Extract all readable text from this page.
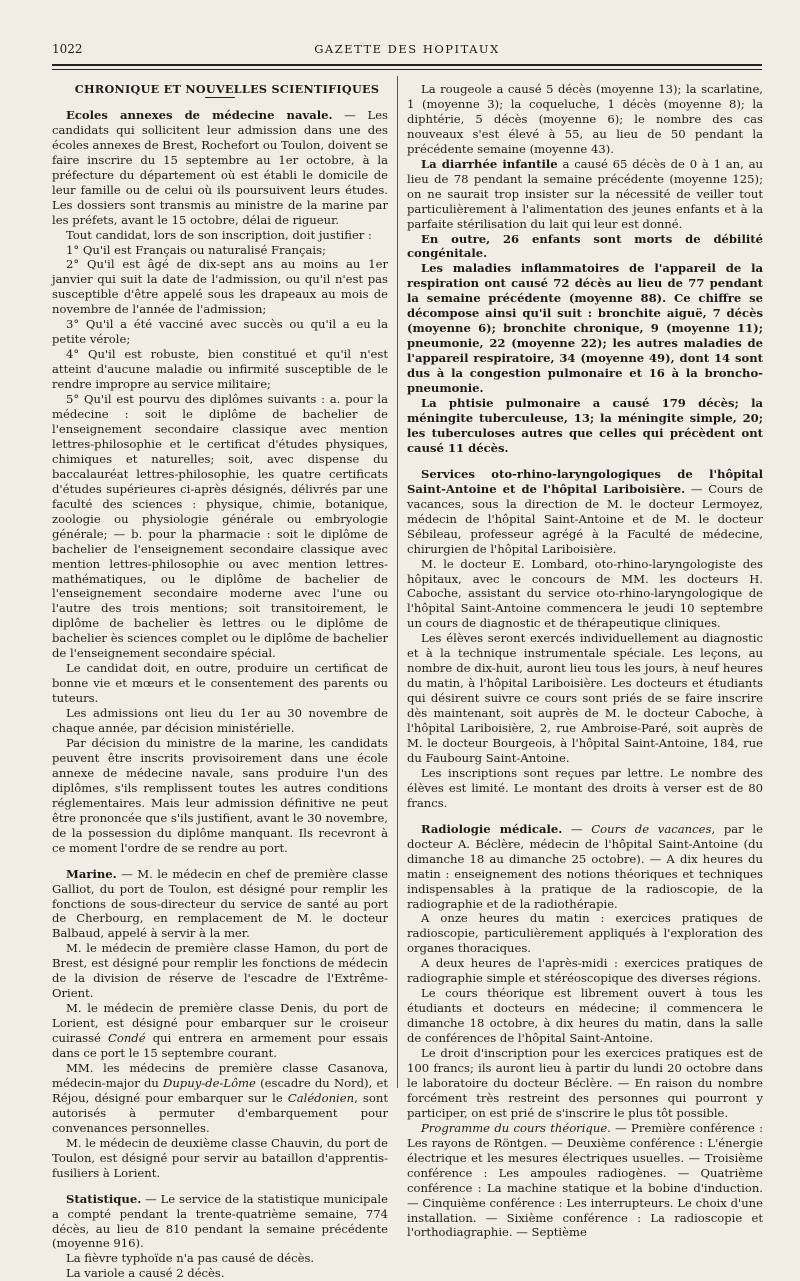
1022	GAZETTE DES HOPITAUX

CHRONIQUE ET NOUVELLES SCIENTIFIQUES

Ecoles annexes de médecine navale. — Les candidats qui sollicitent leur admission dans une des écoles annexes de Brest, Rochefort ou Toulon, doivent se faire inscrire du 15 septembre au 1er octobre, à la préfecture du département où est établi le domicile de leur famille ou de celui où ils poursuivent leurs études. Les dossiers sont transmis au ministre de la marine par les préfets, avant le 15 octobre, délai de rigueur.

Tout candidat, lors de son inscription, doit justifier :

1° Qu'il est Français ou naturalisé Français;

2° Qu'il est âgé de dix-sept ans au moins au 1er janvier qui suit la date de l'admission, ou qu'il n'est pas susceptible d'être appelé sous les drapeaux au mois de novembre de l'année de l'admission;

3° Qu'il a été vacciné avec succès ou qu'il a eu la petite vérole;

4° Qu'il est robuste, bien constitué et qu'il n'est atteint d'aucune maladie ou infirmité susceptible de le rendre impropre au service militaire;

5° Qu'il est pourvu des diplômes suivants : a. pour la médecine : soit le diplôme de bachelier de l'enseignement secondaire classique avec mention lettres-philosophie et le certificat d'études physiques, chimiques et naturelles; soit, avec dispense du baccalauréat lettres-philosophie, les quatre certificats d'études supérieures ci-après désignés, délivrés par une faculté des sciences : physique, chimie, botanique, zoologie ou physiologie générale ou embryologie générale; — b. pour la pharmacie : soit le diplôme de bachelier de l'enseignement secondaire classique avec mention lettres-philosophie ou avec mention lettres-mathématiques, ou le diplôme de bachelier de l'enseignement secondaire moderne avec l'une ou l'autre des trois mentions; soit transitoirement, le diplôme de bachelier ès lettres ou le diplôme de bachelier ès sciences complet ou le diplôme de bachelier de l'enseignement secondaire spécial.

Le candidat doit, en outre, produire un certificat de bonne vie et mœurs et le consentement des parents ou tuteurs.

Les admissions ont lieu du 1er au 30 novembre de chaque année, par décision ministérielle.

Par décision du ministre de la marine, les candidats peuvent être inscrits provisoirement dans une école annexe de médecine navale, sans produire l'un des diplômes, s'ils remplissent toutes les autres conditions réglementaires. Mais leur admission définitive ne peut être prononcée que s'ils justifient, avant le 30 novembre, de la possession du diplôme manquant. Ils recevront à ce moment l'ordre de se rendre au port.

Marine. — M. le médecin en chef de première classe Galliot, du port de Toulon, est désigné pour remplir les fonctions de sous-directeur du service de santé au port de Cherbourg, en remplacement de M. le docteur Balbaud, appelé à servir à la mer.

M. le médecin de première classe Hamon, du port de Brest, est désigné pour remplir les fonctions de médecin de la division de réserve de l'escadre de l'Extrême-Orient.

M. le médecin de première classe Denis, du port de Lorient, est désigné pour embarquer sur le croiseur cuirassé Condé qui entrera en armement pour essais dans ce port le 15 septembre courant.

MM. les médecins de première classe Casanova, médecin-major du Dupuy-de-Lôme (escadre du Nord), et Réjou, désigné pour embarquer sur le Calédonien, sont autorisés à permuter d'embarquement pour convenances personnelles.

M. le médecin de deuxième classe Chauvin, du port de Toulon, est désigné pour servir au bataillon d'apprentis-fusiliers à Lorient.

Statistique. — Le service de la statistique municipale a compté pendant la trente-quatrième semaine, 774 décès, au lieu de 810 pendant la semaine précédente (moyenne 916).

La fièvre typhoïde n'a pas causé de décès.

La variole a causé 2 décès.

La rougeole a causé 5 décès (moyenne 13); la scarlatine, 1 (moyenne 3); la coqueluche, 1 décès (moyenne 8); la diphtérie, 5 décès (moyenne 6); le nombre des cas nouveaux s'est élevé à 55, au lieu de 50 pendant la précédente semaine (moyenne 43).

La diarrhée infantile a causé 65 décès de 0 à 1 an, au lieu de 78 pendant la semaine précédente (moyenne 125); on ne saurait trop insister sur la nécessité de veiller tout particulièrement à l'alimentation des jeunes enfants et à la parfaite stérilisation du lait qui leur est donné.

En outre, 26 enfants sont morts de débilité congénitale.

Les maladies inflammatoires de l'appareil de la respiration ont causé 72 décès au lieu de 77 pendant la semaine précédente (moyenne 88). Ce chiffre se décompose ainsi qu'il suit : bronchite aiguë, 7 décès (moyenne 6); bronchite chronique, 9 (moyenne 11); pneumonie, 22 (moyenne 22); les autres maladies de l'appareil respiratoire, 34 (moyenne 49), dont 14 sont dus à la congestion pulmonaire et 16 à la broncho-pneumonie.

La phtisie pulmonaire a causé 179 décès; la méningite tuberculeuse, 13; la méningite simple, 20; les tuberculoses autres que celles qui précèdent ont causé 11 décès.

Services oto-rhino-laryngologiques de l'hôpital Saint-Antoine et de l'hôpital Lariboisière. — Cours de vacances, sous la direction de M. le docteur Lermoyez, médecin de l'hôpital Saint-Antoine et de M. le docteur Sébileau, professeur agrégé à la Faculté de médecine, chirurgien de l'hôpital Lariboisière.

M. le docteur E. Lombard, oto-rhino-laryngologiste des hôpitaux, avec le concours de MM. les docteurs H. Caboche, assistant du service oto-rhino-laryngologique de l'hôpital Saint-Antoine commencera le jeudi 10 septembre un cours de diagnostic et de thérapeutique cliniques.

Les élèves seront exercés individuellement au diagnostic et à la technique instrumentale spéciale. Les leçons, au nombre de dix-huit, auront lieu tous les jours, à neuf heures du matin, à l'hôpital Lariboisière. Les docteurs et étudiants qui désirent suivre ce cours sont priés de se faire inscrire dès maintenant, soit auprès de M. le docteur Caboche, à l'hôpital Lariboisière, 2, rue Ambroise-Paré, soit auprès de M. le docteur Bourgeois, à l'hôpital Saint-Antoine, 184, rue du Faubourg Saint-Antoine.

Les inscriptions sont reçues par lettre. Le nombre des élèves est limité. Le montant des droits à verser est de 80 francs.

Radiologie médicale. — Cours de vacances, par le docteur A. Béclère, médecin de l'hôpital Saint-Antoine (du dimanche 18 au dimanche 25 octobre). — A dix heures du matin : enseignement des notions théoriques et techniques indispensables à la pratique de la radioscopie, de la radiographie et de la radiothérapie.

A onze heures du matin : exercices pratiques de radioscopie, particulièrement appliqués à l'exploration des organes thoraciques.

A deux heures de l'après-midi : exercices pratiques de radiographie simple et stéréoscopique des diverses régions.

Le cours théorique est librement ouvert à tous les étudiants et docteurs en médecine; il commencera le dimanche 18 octobre, à dix heures du matin, dans la salle de conférences de l'hôpital Saint-Antoine.

Le droit d'inscription pour les exercices pratiques est de 100 francs; ils auront lieu à partir du lundi 20 octobre dans le laboratoire du docteur Béclère. — En raison du nombre forcément très restreint des personnes qui pourront y participer, on est prié de s'inscrire le plus tôt possible.

Programme du cours théorique. — Première conférence : Les rayons de Röntgen. — Deuxième conférence : L'énergie électrique et les mesures électriques usuelles. — Troisième conférence : Les ampoules radiogènes. — Quatrième conférence : La machine statique et la bobine d'induction. — Cinquième conférence : Les interrupteurs. Le choix d'une installation. — Sixième conférence : La radioscopie et l'orthodiagraphie. — Septième
